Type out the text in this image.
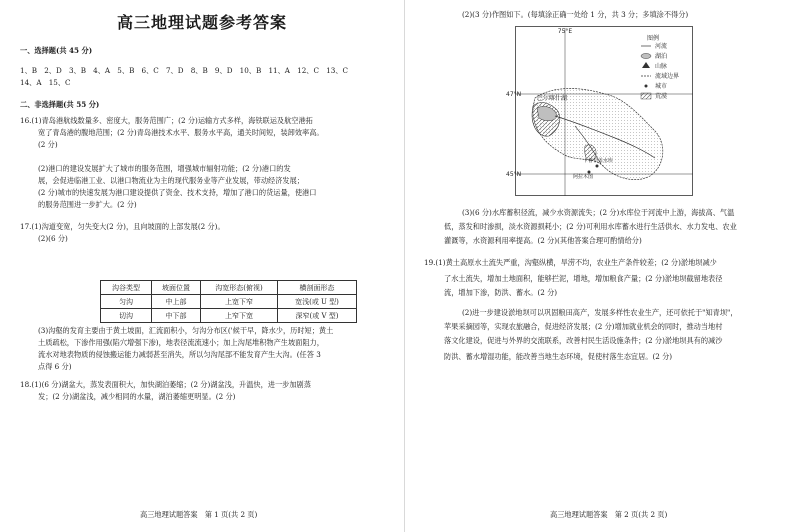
高三地理试题参考答案
一、选择题(共 45 分)
1、B　2、D　3、B　4、A　5、B　6、C　7、D　8、B　9、D　10、B　11、A　12、C　13、C
14、A　15、C
二、非选择题(共 55 分)
16.(1)青岛港航线数量多、密度大，服务范围广；(2 分)运输方式多样，海铁联运及航空港拓
宽了青岛港的腹地范围；(2 分)青岛港技术水平、服务水平高，通关时间短，装卸效率高。
(2 分)
(2)港口的建设发展扩大了城市的服务范围，增强城市辐射功能；(2 分)港口的发
展，会促进临港工业、以港口物流业为主的现代服务业等产业发展，带动经济发展；
(2 分)城市的快速发展为港口建设提供了资金、技术支持，增加了港口的货运量，使港口
的服务范围进一步扩大。(2 分)
17.(1)沟道变宽，匀失变大(2 分)，且向坡面的上部发展(2 分)。
(2)(6 分)
(3)沟壑的发育主要由于黄土坡面，汇流面积小，匀沟分布区('候干早，降水少，历时短；黄土
土质疏松，下渗作用强(陷穴增强下渗)，地表径流流速小；加上沟尾堆积物产生坡面阻力，
流水对地表物质的侵蚀搬运能力减弱甚至消失，所以匀沟尾部不能发育产生大沟。(任答 3
点得 6 分)
18.(1)(6 分)湖盆大，蒸发表面积大，加快湖泊萎缩；(2 分)湖盆浅，升温快，进一步加剧蒸
发；(2 分)湖盆浅，减少相同的水量，湖泊萎缩更明显。(2 分)
沟谷类型	坡面位置	沟宽形态(俯视)	横剖面形态
匀沟	中上部	上宽下窄	宽浅(或 U 型)
切沟	中下部	上窄下宽	深窄(或 V 型)
高三地理试题答案　第 1 页(共 2 页)
(2)(3 分)作图如下。(每填涂正确一处给 1 分，共 3 分；多填涂不得分)
(3)(6 分)水库蓄积径流，减少水资源流失；(2 分)水库位于河流中上游，海拔高、气温
低，蒸发和时渗损，淡水资源损耗小；(2 分)可利用水库蓄水进行生活供水、水力发电、农业
灌溉等，水资源利用率提高。(2 分)(其他答案合理可酌情给分)
19.(1)黄土高原水土流失严重，沟壑纵横，旱涝不均，农业生产条件较差；(2 分)淤地坝减少
了水土流失，增加土地面积，能够拦泥，增地，增加粮食产量；(2 分)淤地坝截留地表径
流，增加下渗，防洪、蓄水。(2 分)
(2)进一步建设淤地坝可以巩固粮田高产，发展多样性农业生产，还可依托于"知青坝"，
苹果采摘园等，实现农旅融合，促进经济发展；(2 分)增加就业机会的同时，推动当地村
落文化建设，促进与外界的交流联系，改善村民生活设施条件；(2 分)淤地坝具有的减沙
防洪、蓄水增湿功能，能改善当地生态环境，促使村落生态宜居。(2 分)
高三地理试题答案　第 2 页(共 2 页)
75°E
47°N
45°N
巴尔喀什湖
卡普恰盖水库
阿拉木图
图例
河流
湖泊
山脉
流域边界
城市
荒漠
